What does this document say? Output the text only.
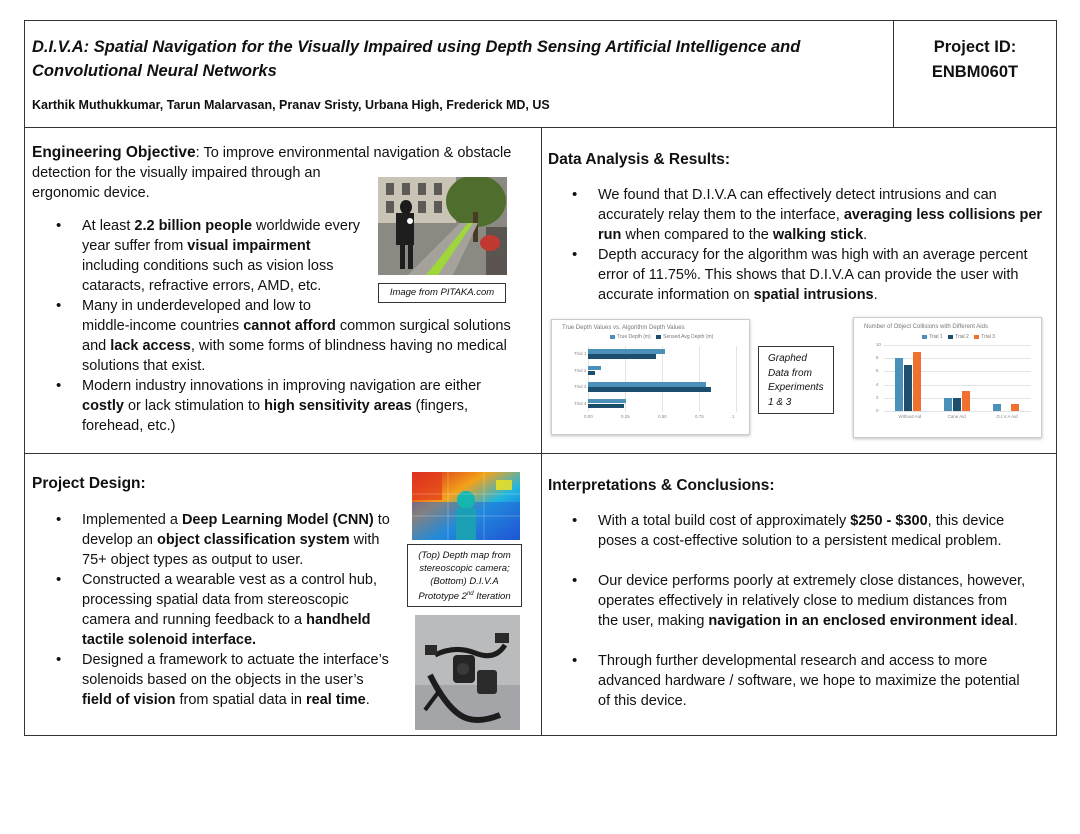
D.I.V.A: Spatial Navigation for the Visually Impaired using Depth Sensing Artificial Intelligence and
Convolutional Neural Networks
Karthik Muthukkumar, Tarun Malarvasan, Pranav Sristy, Urbana High, Frederick MD, US
Project ID:
ENBM060T
Engineering Objective: To improve environmental navigation & obstacle
detection for the visually impaired through an
ergonomic device.
Image from PITAKA.com
• At least 2.2 billion people worldwide every
year suffer from visual impairment
including conditions such as vision loss
cataracts, refractive errors, AMD, etc.
• Many in underdeveloped and low to
middle-income countries cannot afford common surgical solutions
and lack access, with some forms of blindness having no medical
solutions that exist.
• Modern industry innovations in improving navigation are either
costly or lack stimulation to high sensitivity areas (fingers,
forehead, etc.)
Data Analysis & Results:
• We found that D.I.V.A can effectively detect intrusions and can
accurately relay them to the interface, averaging less collisions per
run when compared to the walking stick.
• Depth accuracy for the algorithm was high with an average percent
error of 11.75%. This shows that D.I.V.A can provide the user with
accurate information on spatial intrusions.
True Depth Values vs. Algorithm Depth Values
True Depth (m) Sensed Avg Depth (m)
0.00	0.25	0.50	0.75	1
Trial 1
Trial 2
Trial 3
Trial 4
Graphed
Data from
Experiments
1 & 3
Number of Object Collisions with Different Aids
Trial 1 Trial 2 Trial 3
0
2
4
6
8
10
Without Aid	Cane Aid	D.I.V.A Aid
Project Design:
(Top) Depth map from
stereoscopic camera;
(Bottom) D.I.V.A
Prototype 2nd Iteration
• Implemented a Deep Learning Model (CNN) to
develop an object classification system with
75+ object types as output to user.
• Constructed a wearable vest as a control hub,
processing spatial data from stereoscopic
camera and running feedback to a handheld
tactile solenoid interface.
• Designed a framework to actuate the interface’s
solenoids based on the objects in the user’s
field of vision from spatial data in real time.
Interpretations & Conclusions:
• With a total build cost of approximately $250 - $300, this device
poses a cost-effective solution to a persistent medical problem.
• Our device performs poorly at extremely close distances, however,
operates effectively in relatively close to medium distances from
the user, making navigation in an enclosed environment ideal.
• Through further developmental research and access to more
advanced hardware / software, we hope to maximize the potential
of this device.
